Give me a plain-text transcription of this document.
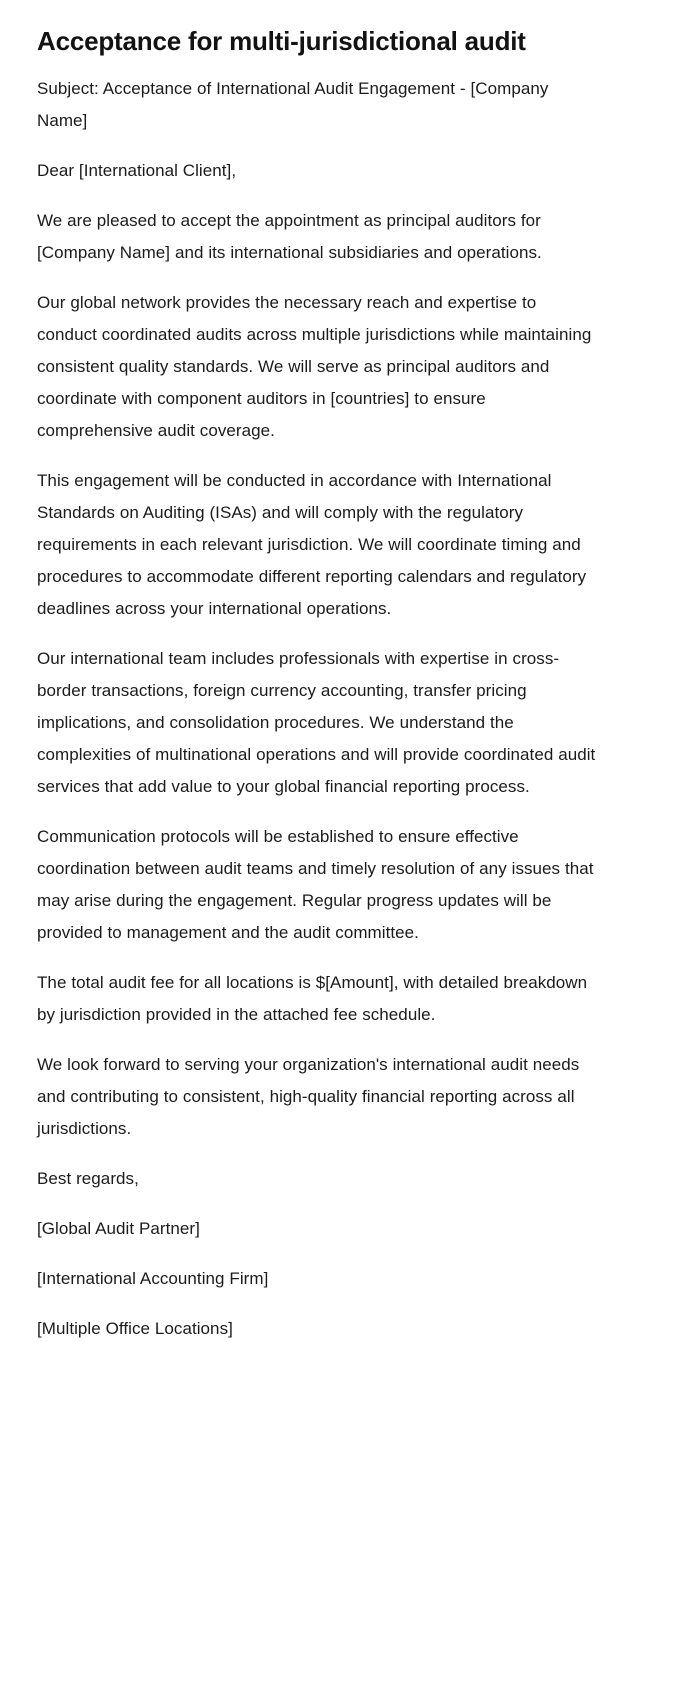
Acceptance for multi-jurisdictional audit

Subject: Acceptance of International Audit Engagement - [Company Name]

Dear [International Client],

We are pleased to accept the appointment as principal auditors for [Company Name] and its international subsidiaries and operations.

Our global network provides the necessary reach and expertise to conduct coordinated audits across multiple jurisdictions while maintaining consistent quality standards. We will serve as principal auditors and coordinate with component auditors in [countries] to ensure comprehensive audit coverage.

This engagement will be conducted in accordance with International Standards on Auditing (ISAs) and will comply with the regulatory requirements in each relevant jurisdiction. We will coordinate timing and procedures to accommodate different reporting calendars and regulatory deadlines across your international operations.

Our international team includes professionals with expertise in cross-border transactions, foreign currency accounting, transfer pricing implications, and consolidation procedures. We understand the complexities of multinational operations and will provide coordinated audit services that add value to your global financial reporting process.

Communication protocols will be established to ensure effective coordination between audit teams and timely resolution of any issues that may arise during the engagement. Regular progress updates will be provided to management and the audit committee.

The total audit fee for all locations is $[Amount], with detailed breakdown by jurisdiction provided in the attached fee schedule.

We look forward to serving your organization's international audit needs and contributing to consistent, high-quality financial reporting across all jurisdictions.

Best regards,

[Global Audit Partner]

[International Accounting Firm]

[Multiple Office Locations]
